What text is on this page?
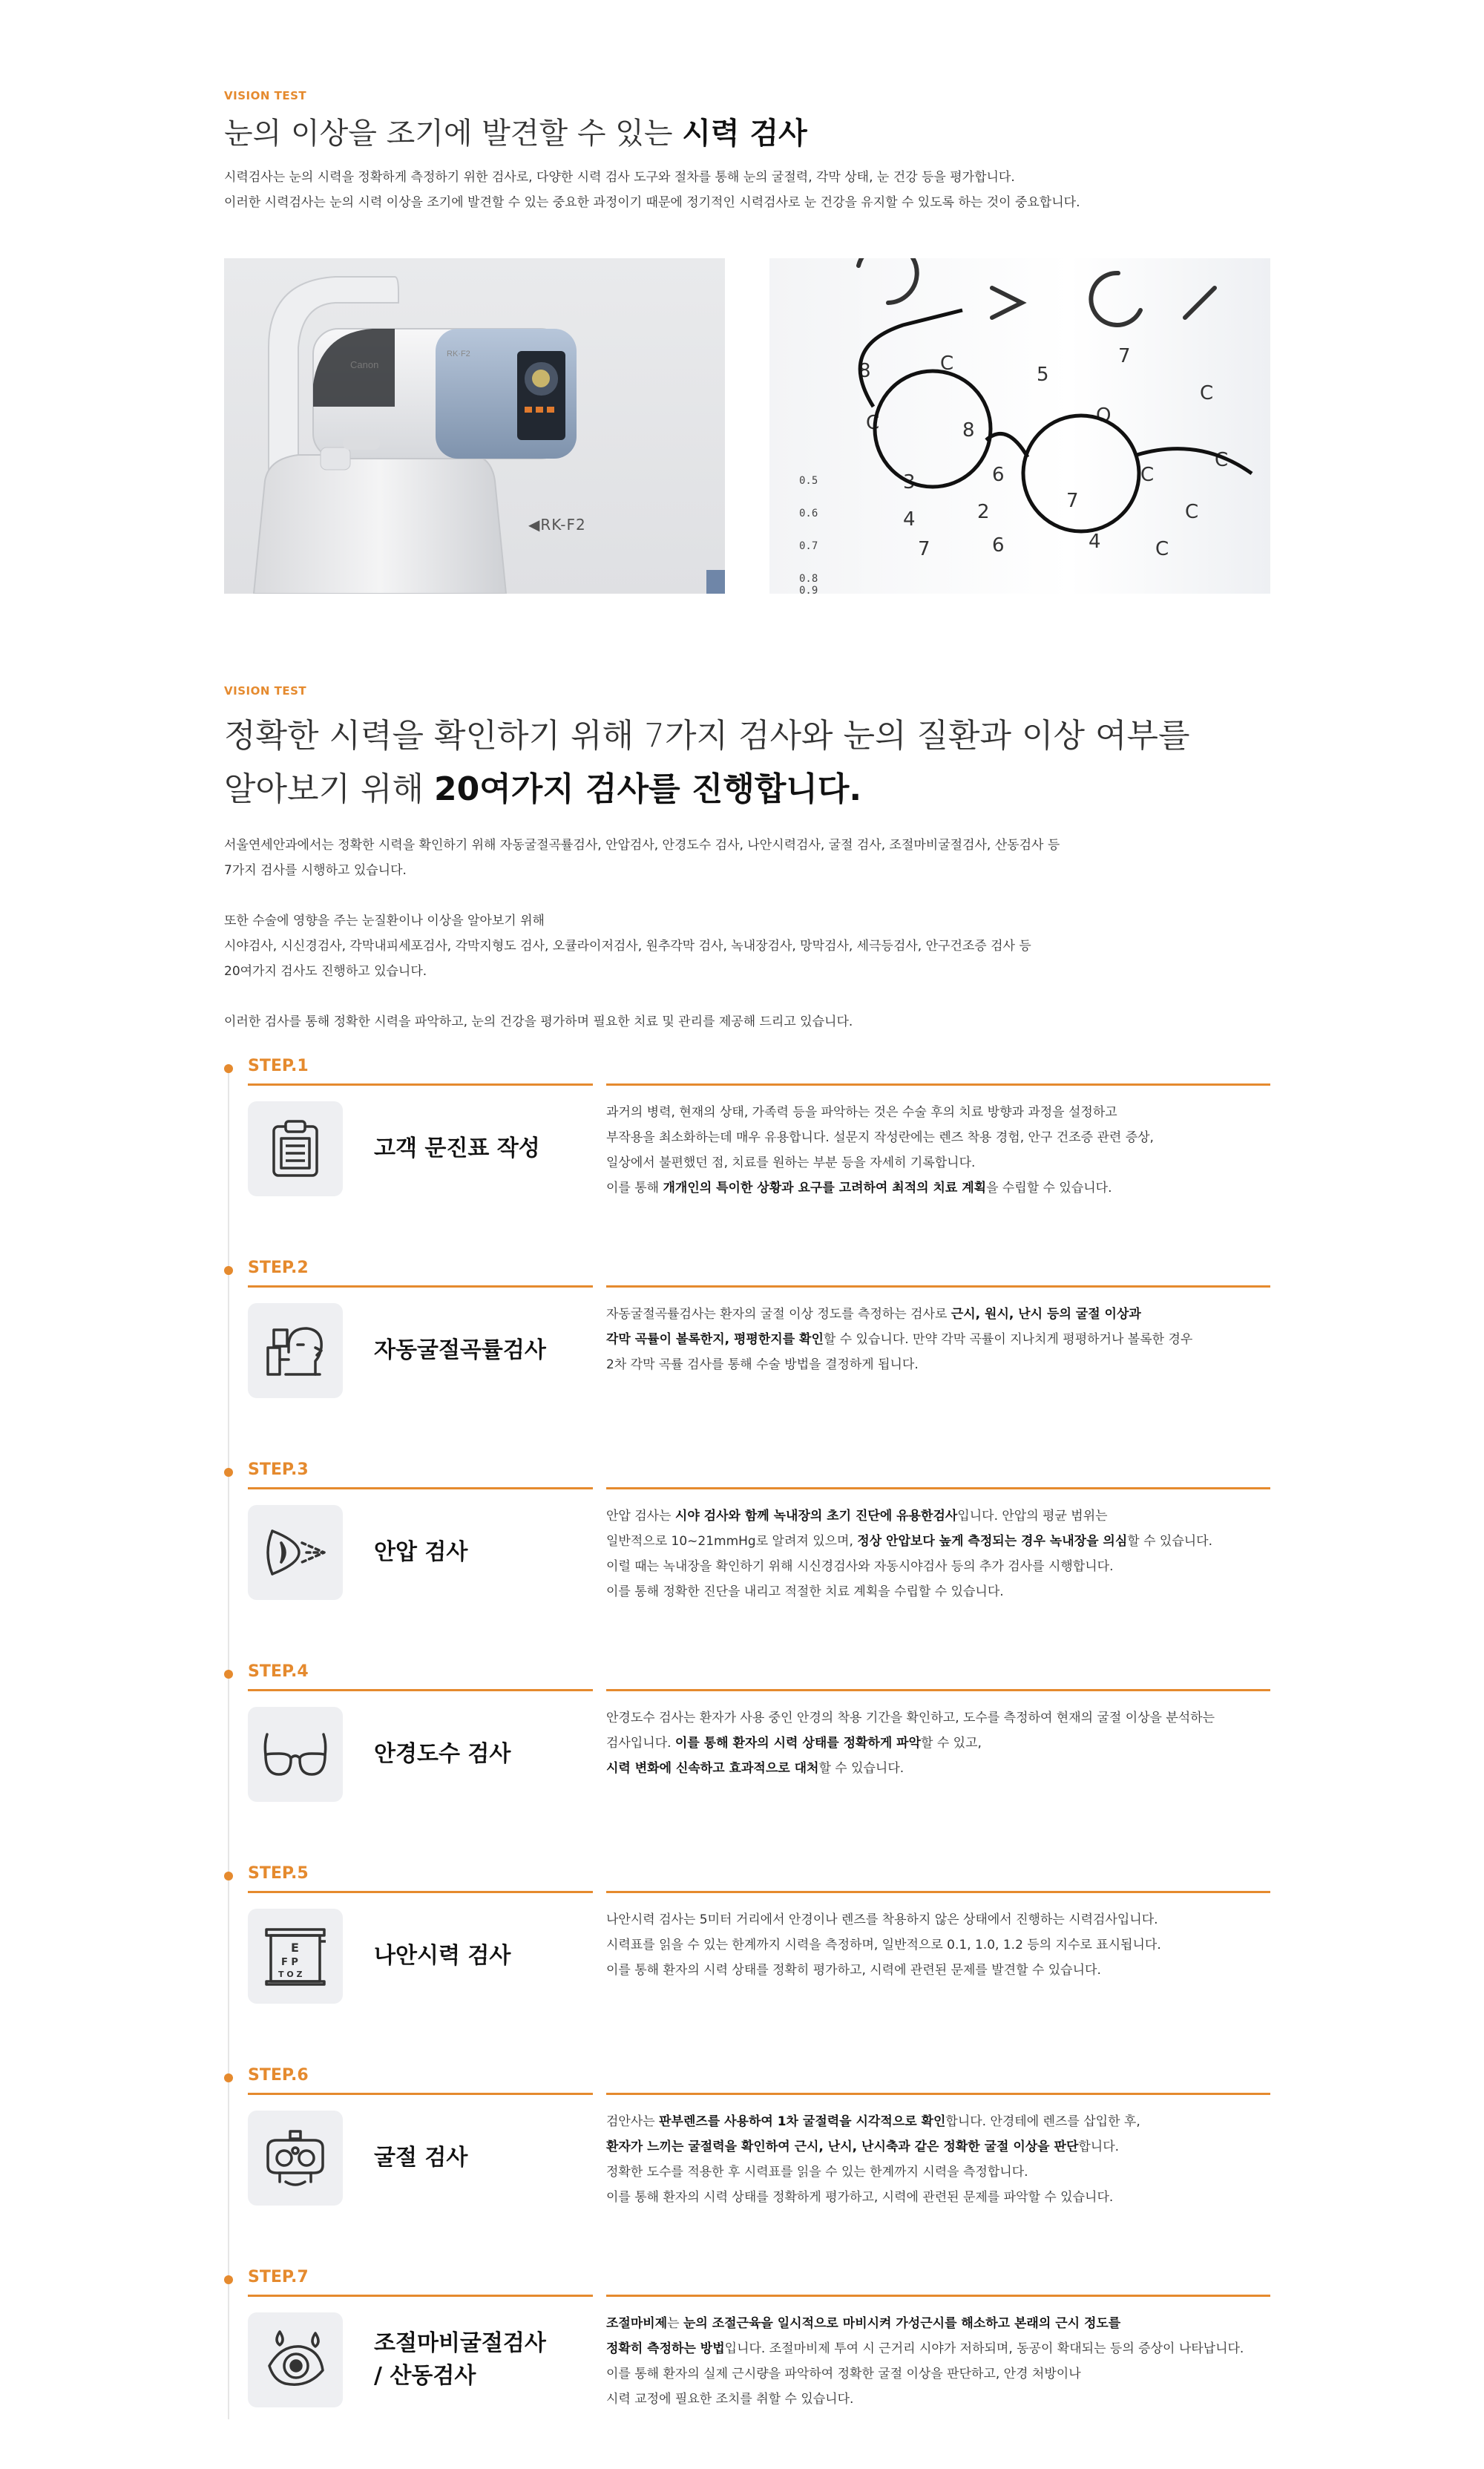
VISION TEST
눈의 이상을 조기에 발견할 수 있는 시력 검사
시력검사는 눈의 시력을 정확하게 측정하기 위한 검사로, 다양한 시력 검사 도구와 절차를 통해 눈의 굴절력, 각막 상태, 눈 건강 등을 평가합니다.
이러한 시력검사는 눈의 시력 이상을 조기에 발견할 수 있는 중요한 과정이기 때문에 정기적인 시력검사로 눈 건강을 유지할 수 있도록 하는 것이 중요합니다.
Canon
RK·F2
◀RK-F2
0.5
0.6
0.7
0.8
0.9
8	C	5
7
C	8
O
C
3	6	C
C
4	2	7	C
7	6	4	C
VISION TEST
정확한 시력을 확인하기 위해 7가지 검사와 눈의 질환과 이상 여부를
알아보기 위해 20여가지 검사를 진행합니다.
서울연세안과에서는 정확한 시력을 확인하기 위해 자동굴절곡률검사, 안압검사, 안경도수 검사, 나안시력검사, 굴절 검사, 조절마비굴절검사, 산동검사 등
7가지 검사를 시행하고 있습니다.

또한 수술에 영향을 주는 눈질환이나 이상을 알아보기 위해
시야검사, 시신경검사, 각막내피세포검사, 각막지형도 검사, 오큘라이저검사, 원추각막 검사, 녹내장검사, 망막검사, 세극등검사, 안구건조증 검사 등
20여가지 검사도 진행하고 있습니다.

이러한 검사를 통해 정확한 시력을 파악하고, 눈의 건강을 평가하며 필요한 치료 및 관리를 제공해 드리고 있습니다.
STEP.1
고객 문진표 작성
과거의 병력, 현재의 상태, 가족력 등을 파악하는 것은 수술 후의 치료 방향과 과정을 설정하고
부작용을 최소화하는데 매우 유용합니다. 설문지 작성란에는 렌즈 착용 경험, 안구 건조증 관련 증상,
일상에서 불편했던 점, 치료를 원하는 부분 등을 자세히 기록합니다.
이를 통해 개개인의 특이한 상황과 요구를 고려하여 최적의 치료 계획을 수립할 수 있습니다.
STEP.2
자동굴절곡률검사
자동굴절곡률검사는 환자의 굴절 이상 정도를 측정하는 검사로 근시, 원시, 난시 등의 굴절 이상과
각막 곡률이 볼록한지, 평평한지를 확인할 수 있습니다. 만약 각막 곡률이 지나치게 평평하거나 볼록한 경우
2차 각막 곡률 검사를 통해 수술 방법을 결정하게 됩니다.
STEP.3
안압 검사
안압 검사는 시야 검사와 함께 녹내장의 초기 진단에 유용한검사입니다. 안압의 평균 범위는
일반적으로 10~21mmHg로 알려져 있으며, 정상 안압보다 높게 측정되는 경우 녹내장을 의심할 수 있습니다.
이럴 때는 녹내장을 확인하기 위해 시신경검사와 자동시야검사 등의 추가 검사를 시행합니다.
이를 통해 정확한 진단을 내리고 적절한 치료 계획을 수립할 수 있습니다.
STEP.4
안경도수 검사
안경도수 검사는 환자가 사용 중인 안경의 착용 기간을 확인하고, 도수를 측정하여 현재의 굴절 이상을 분석하는
검사입니다. 이를 통해 환자의 시력 상태를 정확하게 파악할 수 있고,
시력 변화에 신속하고 효과적으로 대처할 수 있습니다.
STEP.5
E
F P
T O Z
나안시력 검사
나안시력 검사는 5미터 거리에서 안경이나 렌즈를 착용하지 않은 상태에서 진행하는 시력검사입니다.
시력표를 읽을 수 있는 한계까지 시력을 측정하며, 일반적으로 0.1, 1.0, 1.2 등의 지수로 표시됩니다.
이를 통해 환자의 시력 상태를 정확히 평가하고, 시력에 관련된 문제를 발견할 수 있습니다.
STEP.6
굴절 검사
검안사는 판부렌즈를 사용하여 1차 굴절력을 시각적으로 확인합니다. 안경테에 렌즈를 삽입한 후,
환자가 느끼는 굴절력을 확인하여 근시, 난시, 난시축과 같은 정확한 굴절 이상을 판단합니다.
정확한 도수를 적용한 후 시력표를 읽을 수 있는 한계까지 시력을 측정합니다.
이를 통해 환자의 시력 상태를 정확하게 평가하고, 시력에 관련된 문제를 파악할 수 있습니다.
STEP.7
조절마비굴절검사
/ 산동검사
조절마비제는 눈의 조절근육을 일시적으로 마비시켜 가성근시를 해소하고 본래의 근시 정도를
정확히 측정하는 방법입니다. 조절마비제 투여 시 근거리 시야가 저하되며, 동공이 확대되는 등의 증상이 나타납니다.
이를 통해 환자의 실제 근시량을 파악하여 정확한 굴절 이상을 판단하고, 안경 처방이나
시력 교정에 필요한 조치를 취할 수 있습니다.
